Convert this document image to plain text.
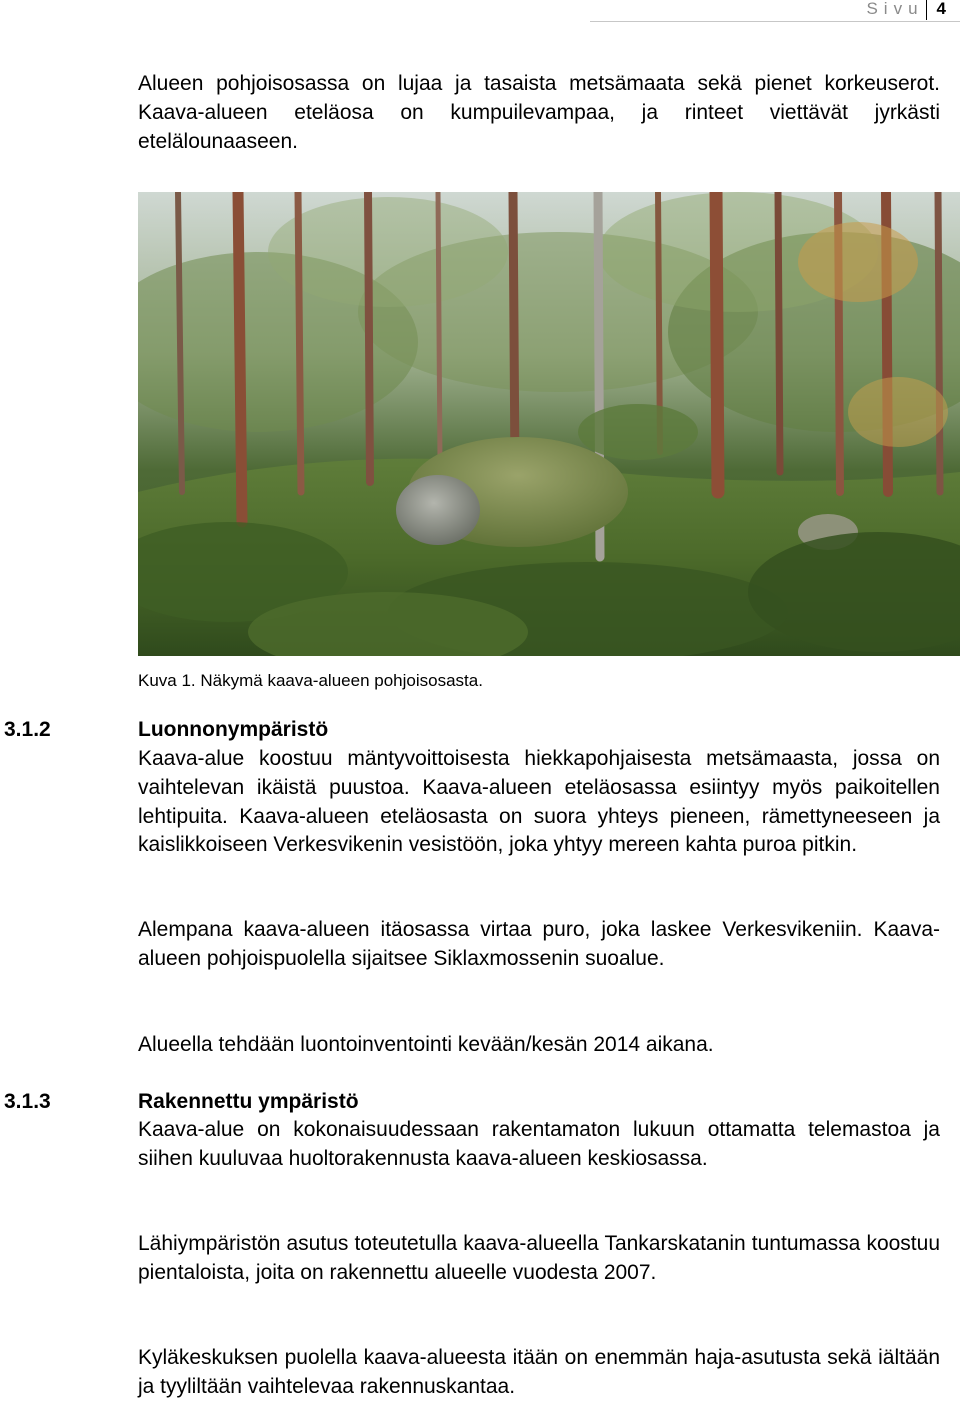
Sivu 4
Alueen pohjoisosassa on lujaa ja tasaista metsämaata sekä pienet korkeuserot. Kaava-alueen eteläosa on kumpuilevampaa, ja rinteet viettävät jyrkästi etelälounaaseen.
Kuva 1. Näkymä kaava-alueen pohjoisosasta.
3.1.2	Luonnonympäristö
Kaava-alue koostuu mäntyvoittoisesta hiekkapohjaisesta metsämaasta, jossa on vaihtelevan ikäistä puustoa. Kaava-alueen eteläosassa esiintyy myös paikoitellen lehtipuita. Kaava-alueen eteläosasta on suora yhteys pieneen, rämettyneeseen ja kaislikkoiseen Verkesvikenin vesistöön, joka yhtyy mereen kahta puroa pitkin.
Alempana kaava-alueen itäosassa virtaa puro, joka laskee Verkesvikeniin. Kaava-alueen pohjoispuolella sijaitsee Siklaxmossenin suoalue.
Alueella tehdään luontoinventointi kevään/kesän 2014 aikana.
3.1.3	Rakennettu ympäristö
Kaava-alue on kokonaisuudessaan rakentamaton lukuun ottamatta telemastoa ja siihen kuuluvaa huoltorakennusta kaava-alueen keskiosassa.
Lähiympäristön asutus toteutetulla kaava-alueella Tankarskatanin tuntumassa koostuu pientaloista, joita on rakennettu alueelle vuodesta 2007.
Kyläkeskuksen puolella kaava-alueesta itään on enemmän haja-asutusta sekä iältään ja tyyliltään vaihtelevaa rakennuskantaa.
